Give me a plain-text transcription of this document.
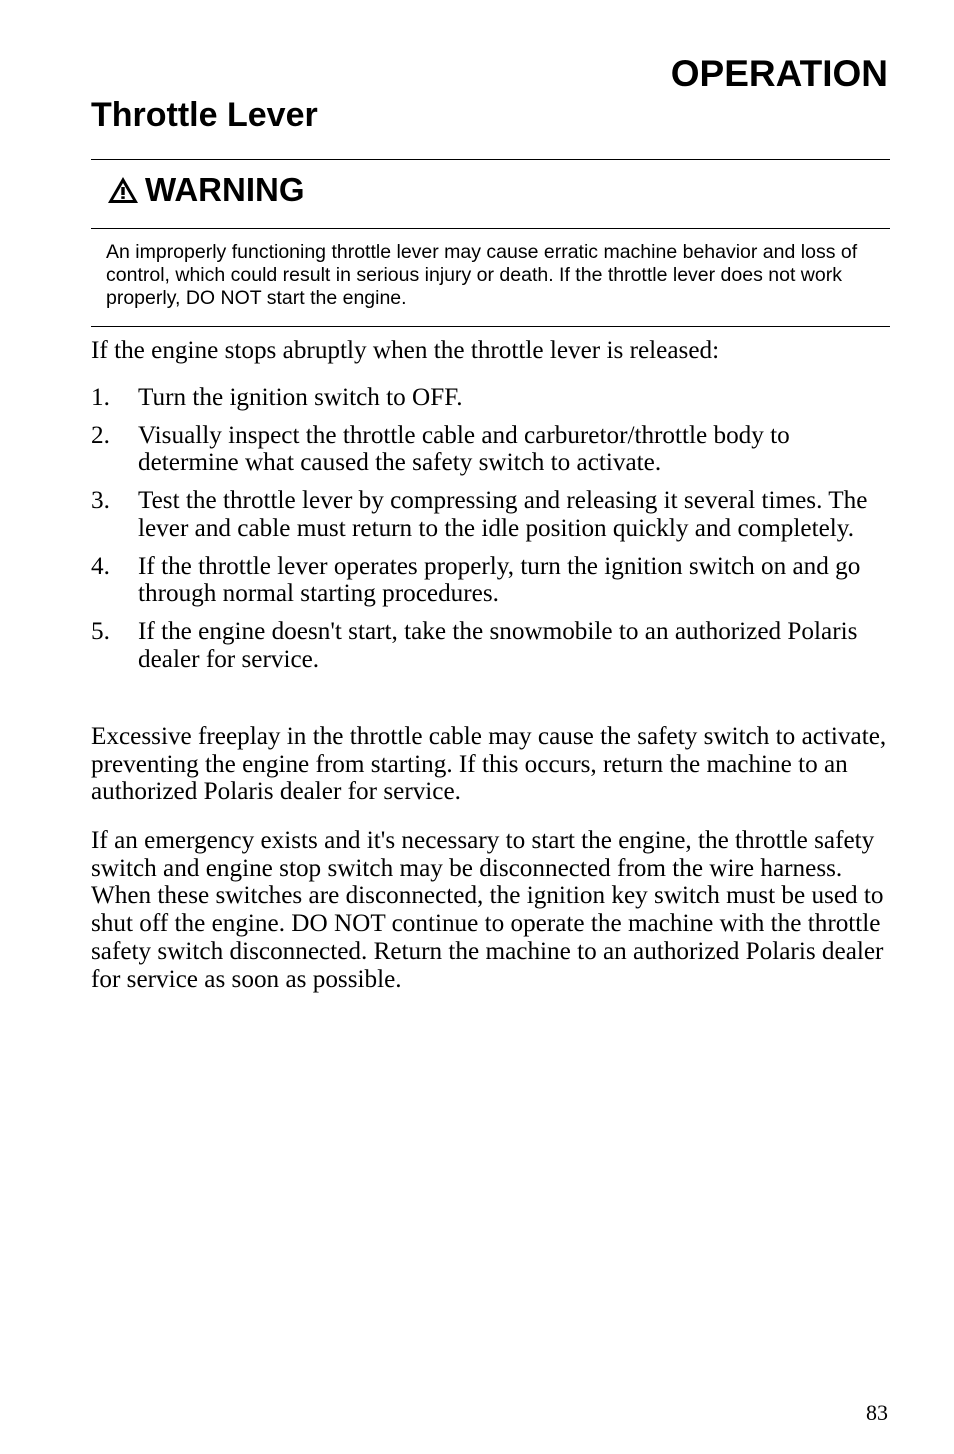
OPERATION
Throttle Lever
WARNING

An improperly functioning throttle lever may cause erratic machine behavior and loss of control, which could result in serious injury or death. If the throttle lever does not work properly, DO NOT start the engine.

If the engine stops abruptly when the throttle lever is released:

1. Turn the ignition switch to OFF.
2. Visually inspect the throttle cable and carburetor/throttle body to determine what caused the safety switch to activate.
3. Test the throttle lever by compressing and releasing it several times. The lever and cable must return to the idle position quickly and completely.
4. If the throttle lever operates properly, turn the ignition switch on and go through normal starting procedures.
5. If the engine doesn't start, take the snowmobile to an authorized Polaris dealer for service.

Excessive freeplay in the throttle cable may cause the safety switch to activate, preventing the engine from starting. If this occurs, return the machine to an authorized Polaris dealer for service.

If an emergency exists and it's necessary to start the engine, the throttle safety switch and engine stop switch may be disconnected from the wire harness. When these switches are disconnected, the ignition key switch must be used to shut off the engine. DO NOT continue to operate the machine with the throttle safety switch disconnected. Return the machine to an authorized Polaris dealer for service as soon as possible.

83
